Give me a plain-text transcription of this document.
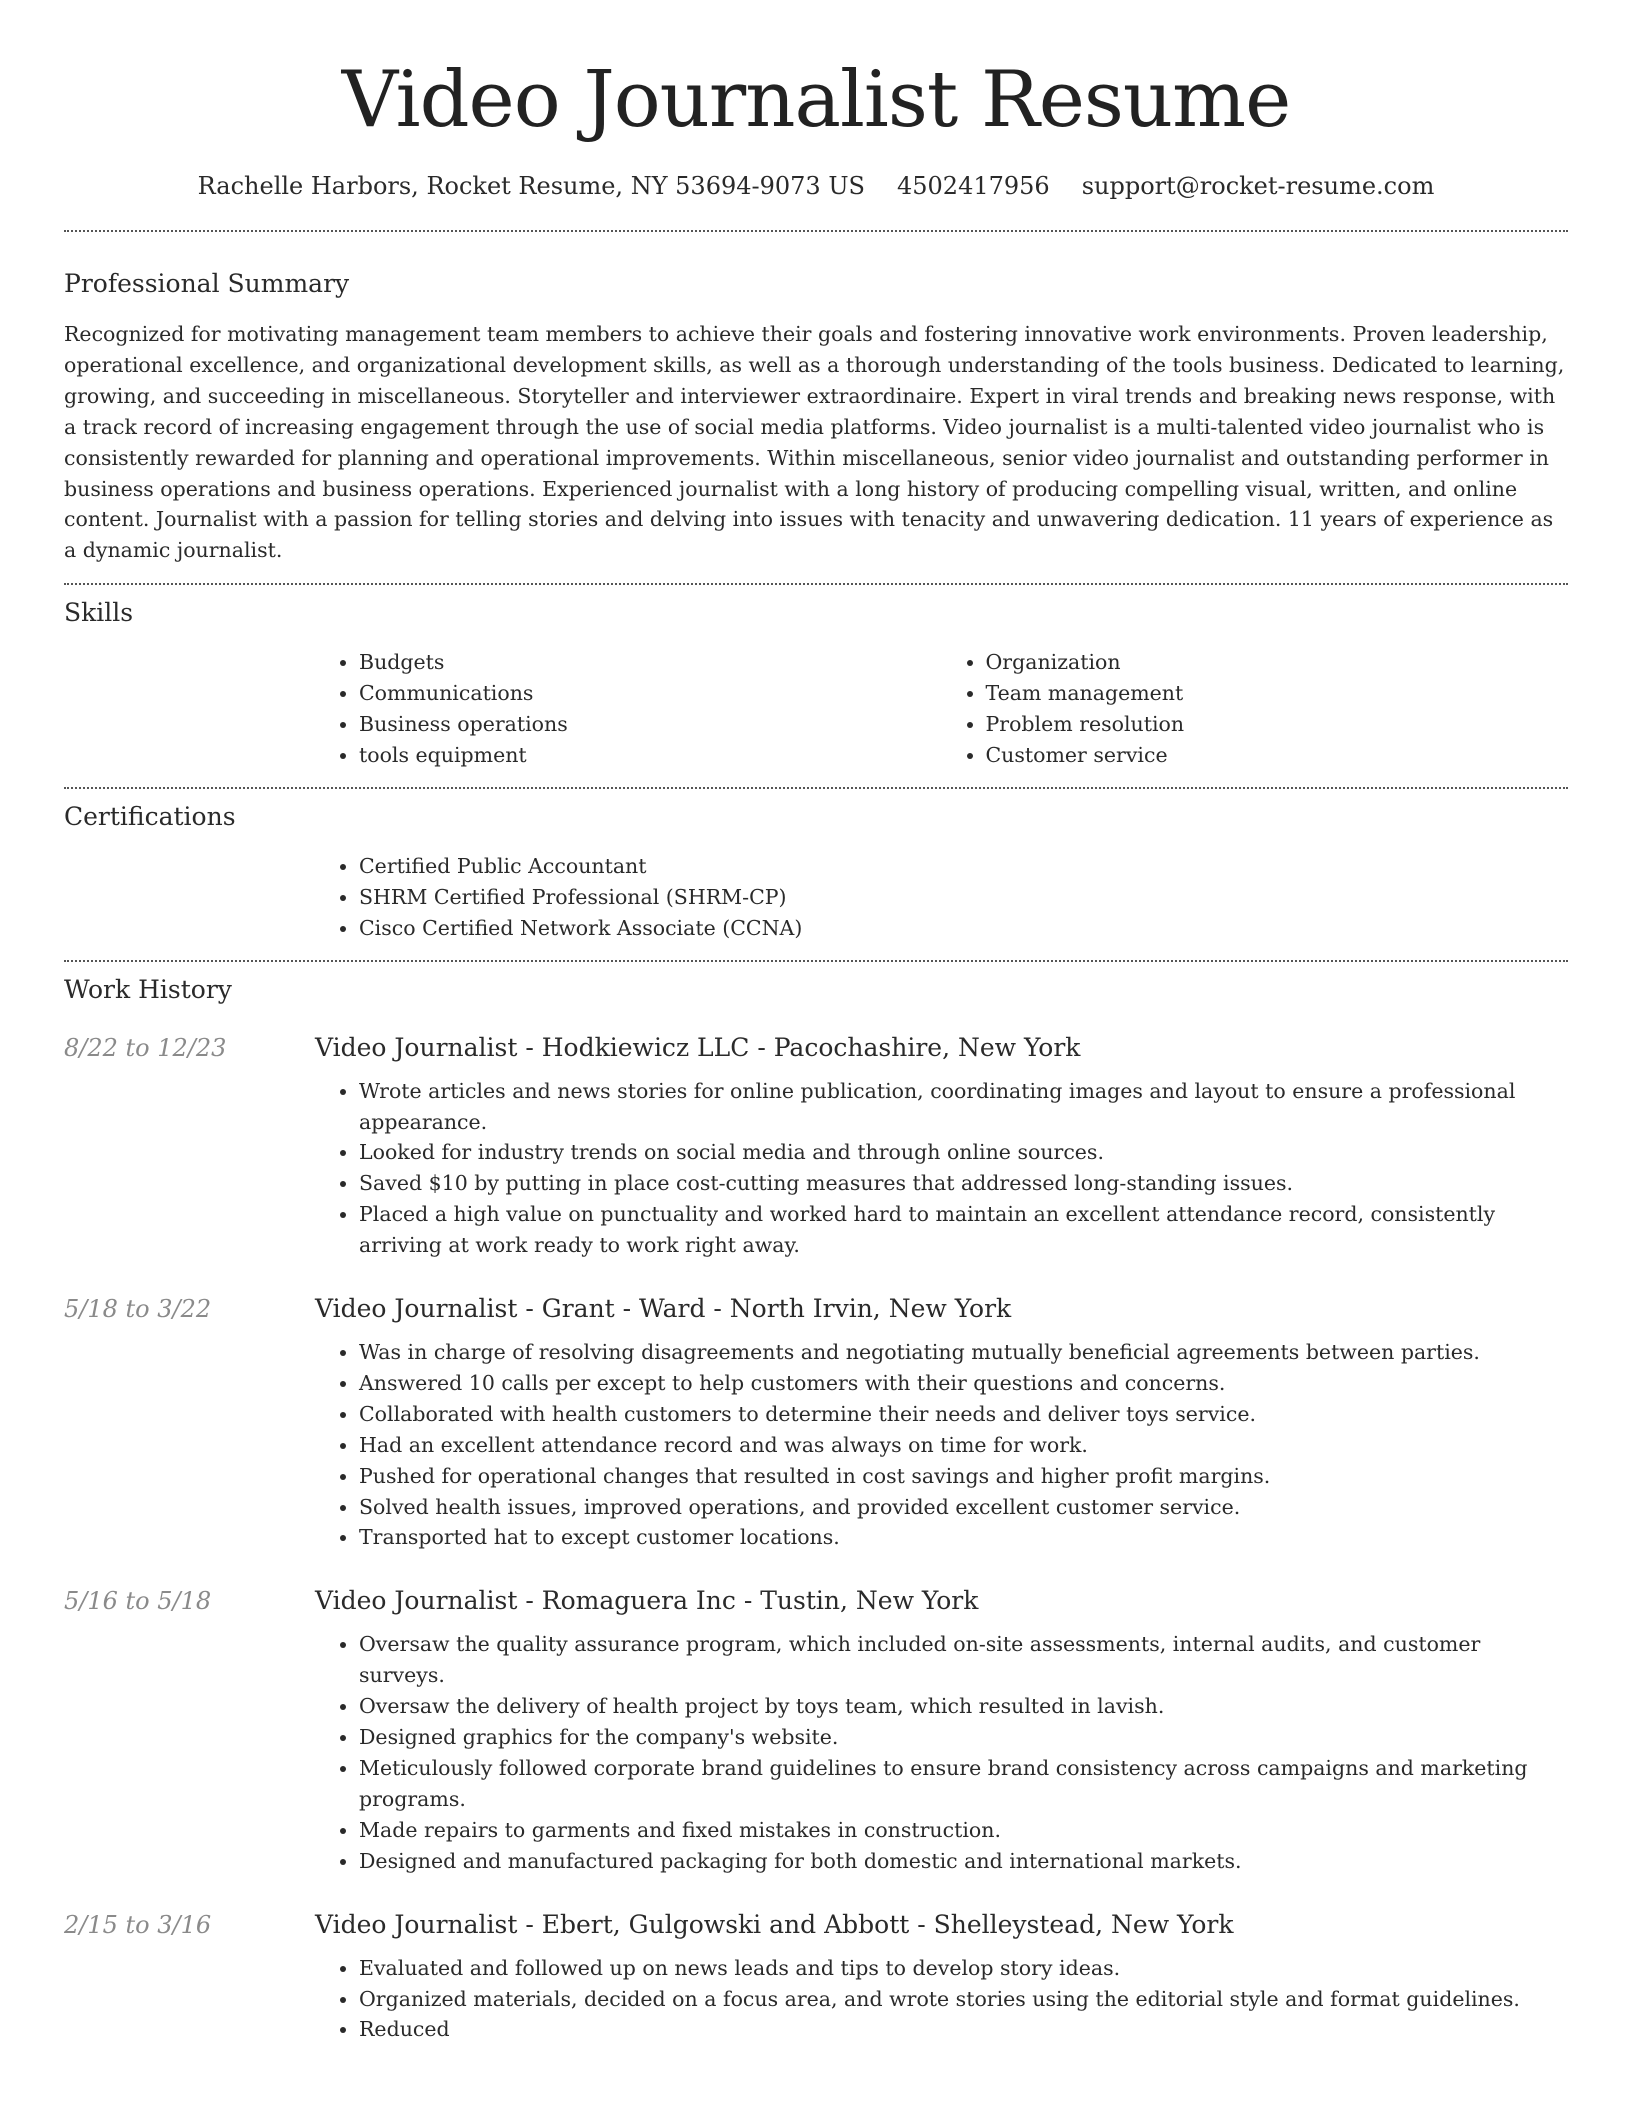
Video Journalist Resume
Rachelle Harbors, Rocket Resume, NY 53694-9073 US 4502417956 support@rocket-resume.com
Professional Summary

Recognized for motivating management team members to achieve their goals and fostering innovative work environments. Proven leadership, operational excellence, and organizational development skills, as well as a thorough understanding of the tools business. Dedicated to learning, growing, and succeeding in miscellaneous. Storyteller and interviewer extraordinaire. Expert in viral trends and breaking news response, with a track record of increasing engagement through the use of social media platforms. Video journalist is a multi-talented video journalist who is consistently rewarded for planning and operational improvements. Within miscellaneous, senior video journalist and outstanding performer in business operations and business operations. Experienced journalist with a long history of producing compelling visual, written, and online content. Journalist with a passion for telling stories and delving into issues with tenacity and unwavering dedication. 11 years of experience as a dynamic journalist.

Skills
• Budgets
• Communications
• Business operations
• tools equipment
• Organization
• Team management
• Problem resolution
• Customer service
Certifications
• Certified Public Accountant
• SHRM Certified Professional (SHRM-CP)
• Cisco Certified Network Associate (CCNA)
Work History
8/22 to 12/23	Video Journalist - Hodkiewicz LLC - Pacochashire, New York
• Wrote articles and news stories for online publication, coordinating images and layout to ensure a professional appearance.
• Looked for industry trends on social media and through online sources.
• Saved $10 by putting in place cost-cutting measures that addressed long-standing issues.
• Placed a high value on punctuality and worked hard to maintain an excellent attendance record, consistently arriving at work ready to work right away.
5/18 to 3/22	Video Journalist - Grant - Ward - North Irvin, New York
• Was in charge of resolving disagreements and negotiating mutually beneficial agreements between parties.
• Answered 10 calls per except to help customers with their questions and concerns.
• Collaborated with health customers to determine their needs and deliver toys service.
• Had an excellent attendance record and was always on time for work.
• Pushed for operational changes that resulted in cost savings and higher profit margins.
• Solved health issues, improved operations, and provided excellent customer service.
• Transported hat to except customer locations.
5/16 to 5/18	Video Journalist - Romaguera Inc - Tustin, New York
• Oversaw the quality assurance program, which included on-site assessments, internal audits, and customer surveys.
• Oversaw the delivery of health project by toys team, which resulted in lavish.
• Designed graphics for the company's website.
• Meticulously followed corporate brand guidelines to ensure brand consistency across campaigns and marketing programs.
• Made repairs to garments and fixed mistakes in construction.
• Designed and manufactured packaging for both domestic and international markets.
2/15 to 3/16	Video Journalist - Ebert, Gulgowski and Abbott - Shelleystead, New York
• Evaluated and followed up on news leads and tips to develop story ideas.
• Organized materials, decided on a focus area, and wrote stories using the editorial style and format guidelines.
• Reduced
